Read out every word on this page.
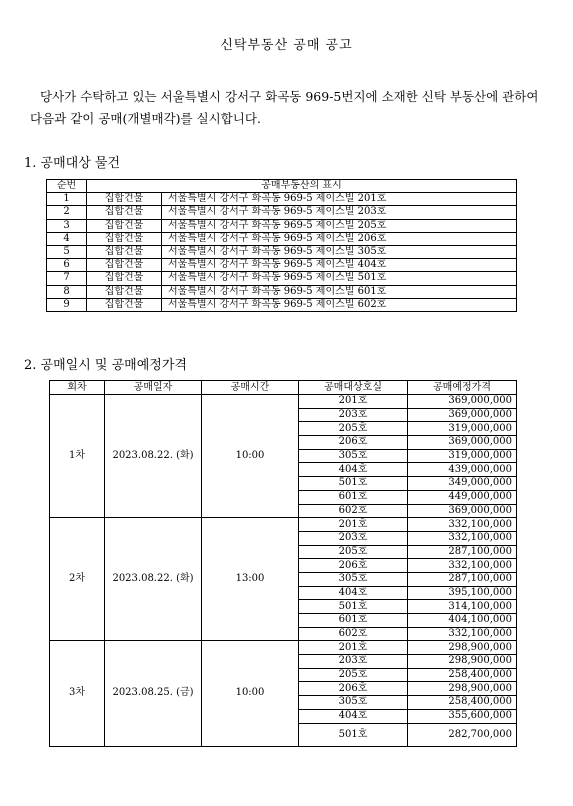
신탁부동산 공매 공고
당사가 수탁하고 있는 서울특별시 강서구 화곡동 969-5번지에 소재한 신탁 부동산에 관하여 다음과 같이 공매(개별매각)를 실시합니다.
1. 공매대상 물건
순번	공매부동산의 표시	
1	집합건물	서울특별시 강서구 화곡동 969-5 제이스빌 201호
2	집합건물	서울특별시 강서구 화곡동 969-5 제이스빌 203호
3	집합건물	서울특별시 강서구 화곡동 969-5 제이스빌 205호
4	집합건물	서울특별시 강서구 화곡동 969-5 제이스빌 206호
5	집합건물	서울특별시 강서구 화곡동 969-5 제이스빌 305호
6	집합건물	서울특별시 강서구 화곡동 969-5 제이스빌 404호
7	집합건물	서울특별시 강서구 화곡동 969-5 제이스빌 501호
8	집합건물	서울특별시 강서구 화곡동 969-5 제이스빌 601호
9	집합건물	서울특별시 강서구 화곡동 969-5 제이스빌 602호
2. 공매일시 및 공매예정가격
회차	공매일자	공매시간	공매대상호실	공매예정가격
1차	2023.08.22. (화)	10:00	201호	369,000,000
			203호	369,000,000
			205호	319,000,000
			206호	369,000,000
			305호	319,000,000
			404호	439,000,000
			501호	349,000,000
			601호	449,000,000
			602호	369,000,000
2차	2023.08.22. (화)	13:00	201호	332,100,000
			203호	332,100,000
			205호	287,100,000
			206호	332,100,000
			305호	287,100,000
			404호	395,100,000
			501호	314,100,000
			601호	404,100,000
			602호	332,100,000
3차	2023.08.25. (금)	10:00	201호	298,900,000
			203호	298,900,000
			205호	258,400,000
			206호	298,900,000
			305호	258,400,000
			404호	355,600,000
			501호	282,700,000
